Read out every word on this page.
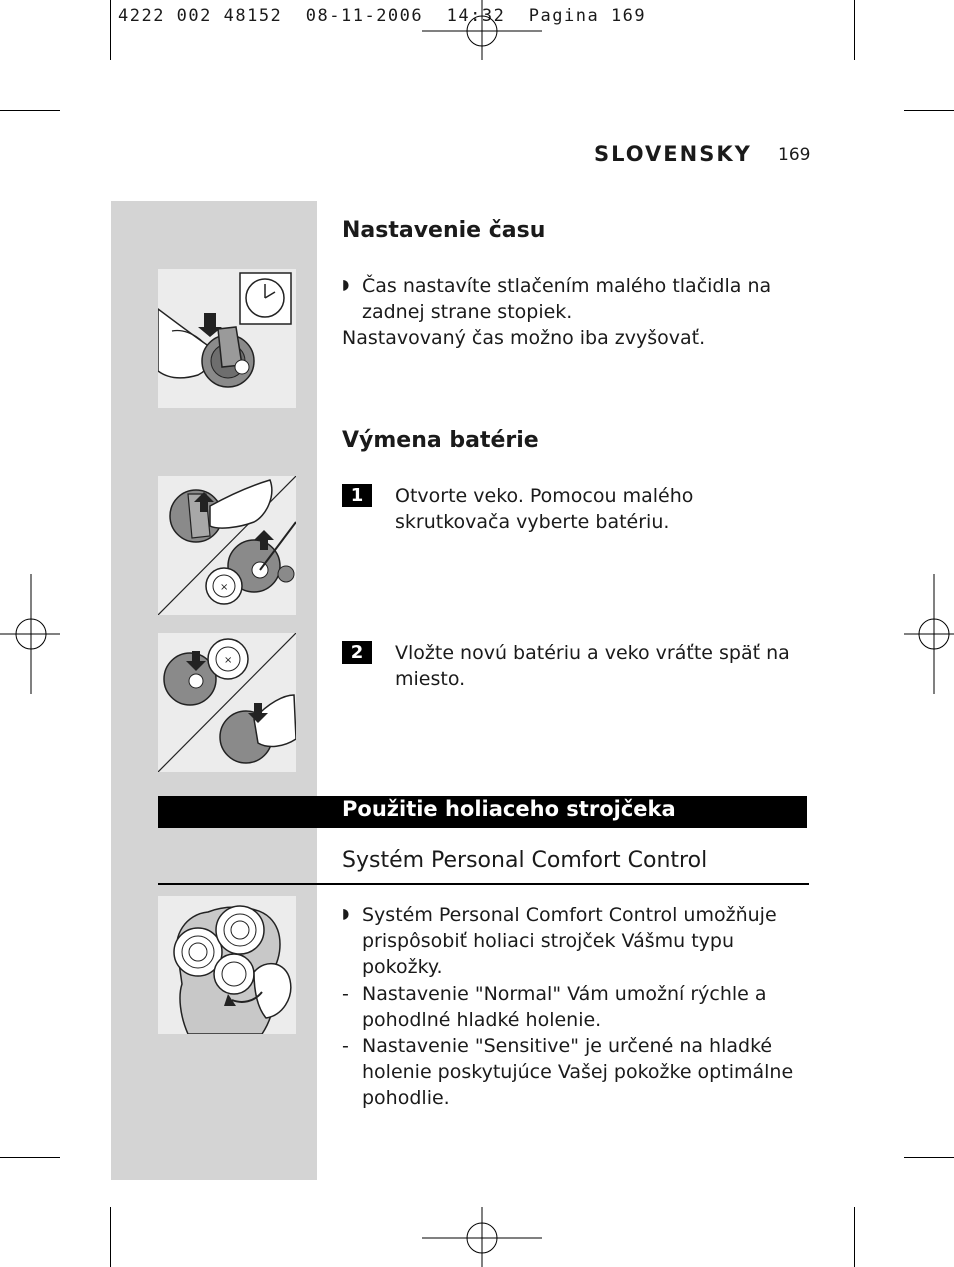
4222 002 48152 08-11-2006 14:32 Pagina 169
SLOVENSKY 169
Nastavenie času
◗ Čas nastavíte stlačením malého tlačidla na
zadnej strane stopiek.
Nastavovaný čas možno iba zvyšovať.
Výmena batérie
×
1	Otvorte veko. Pomocou malého
skrutkovača vyberte batériu.
×	2	Vložte novú batériu a veko vráťte späť na
miesto.
Použitie holiaceho strojčeka
Systém Personal Comfort Control
◗ Systém Personal Comfort Control umožňuje
prispôsobiť holiaci strojček Vášmu typu
pokožky.
- Nastavenie "Normal" Vám umožní rýchle a
pohodlné hladké holenie.
- Nastavenie "Sensitive" je určené na hladké
holenie poskytujúce Vašej pokožke optimálne
pohodlie.
